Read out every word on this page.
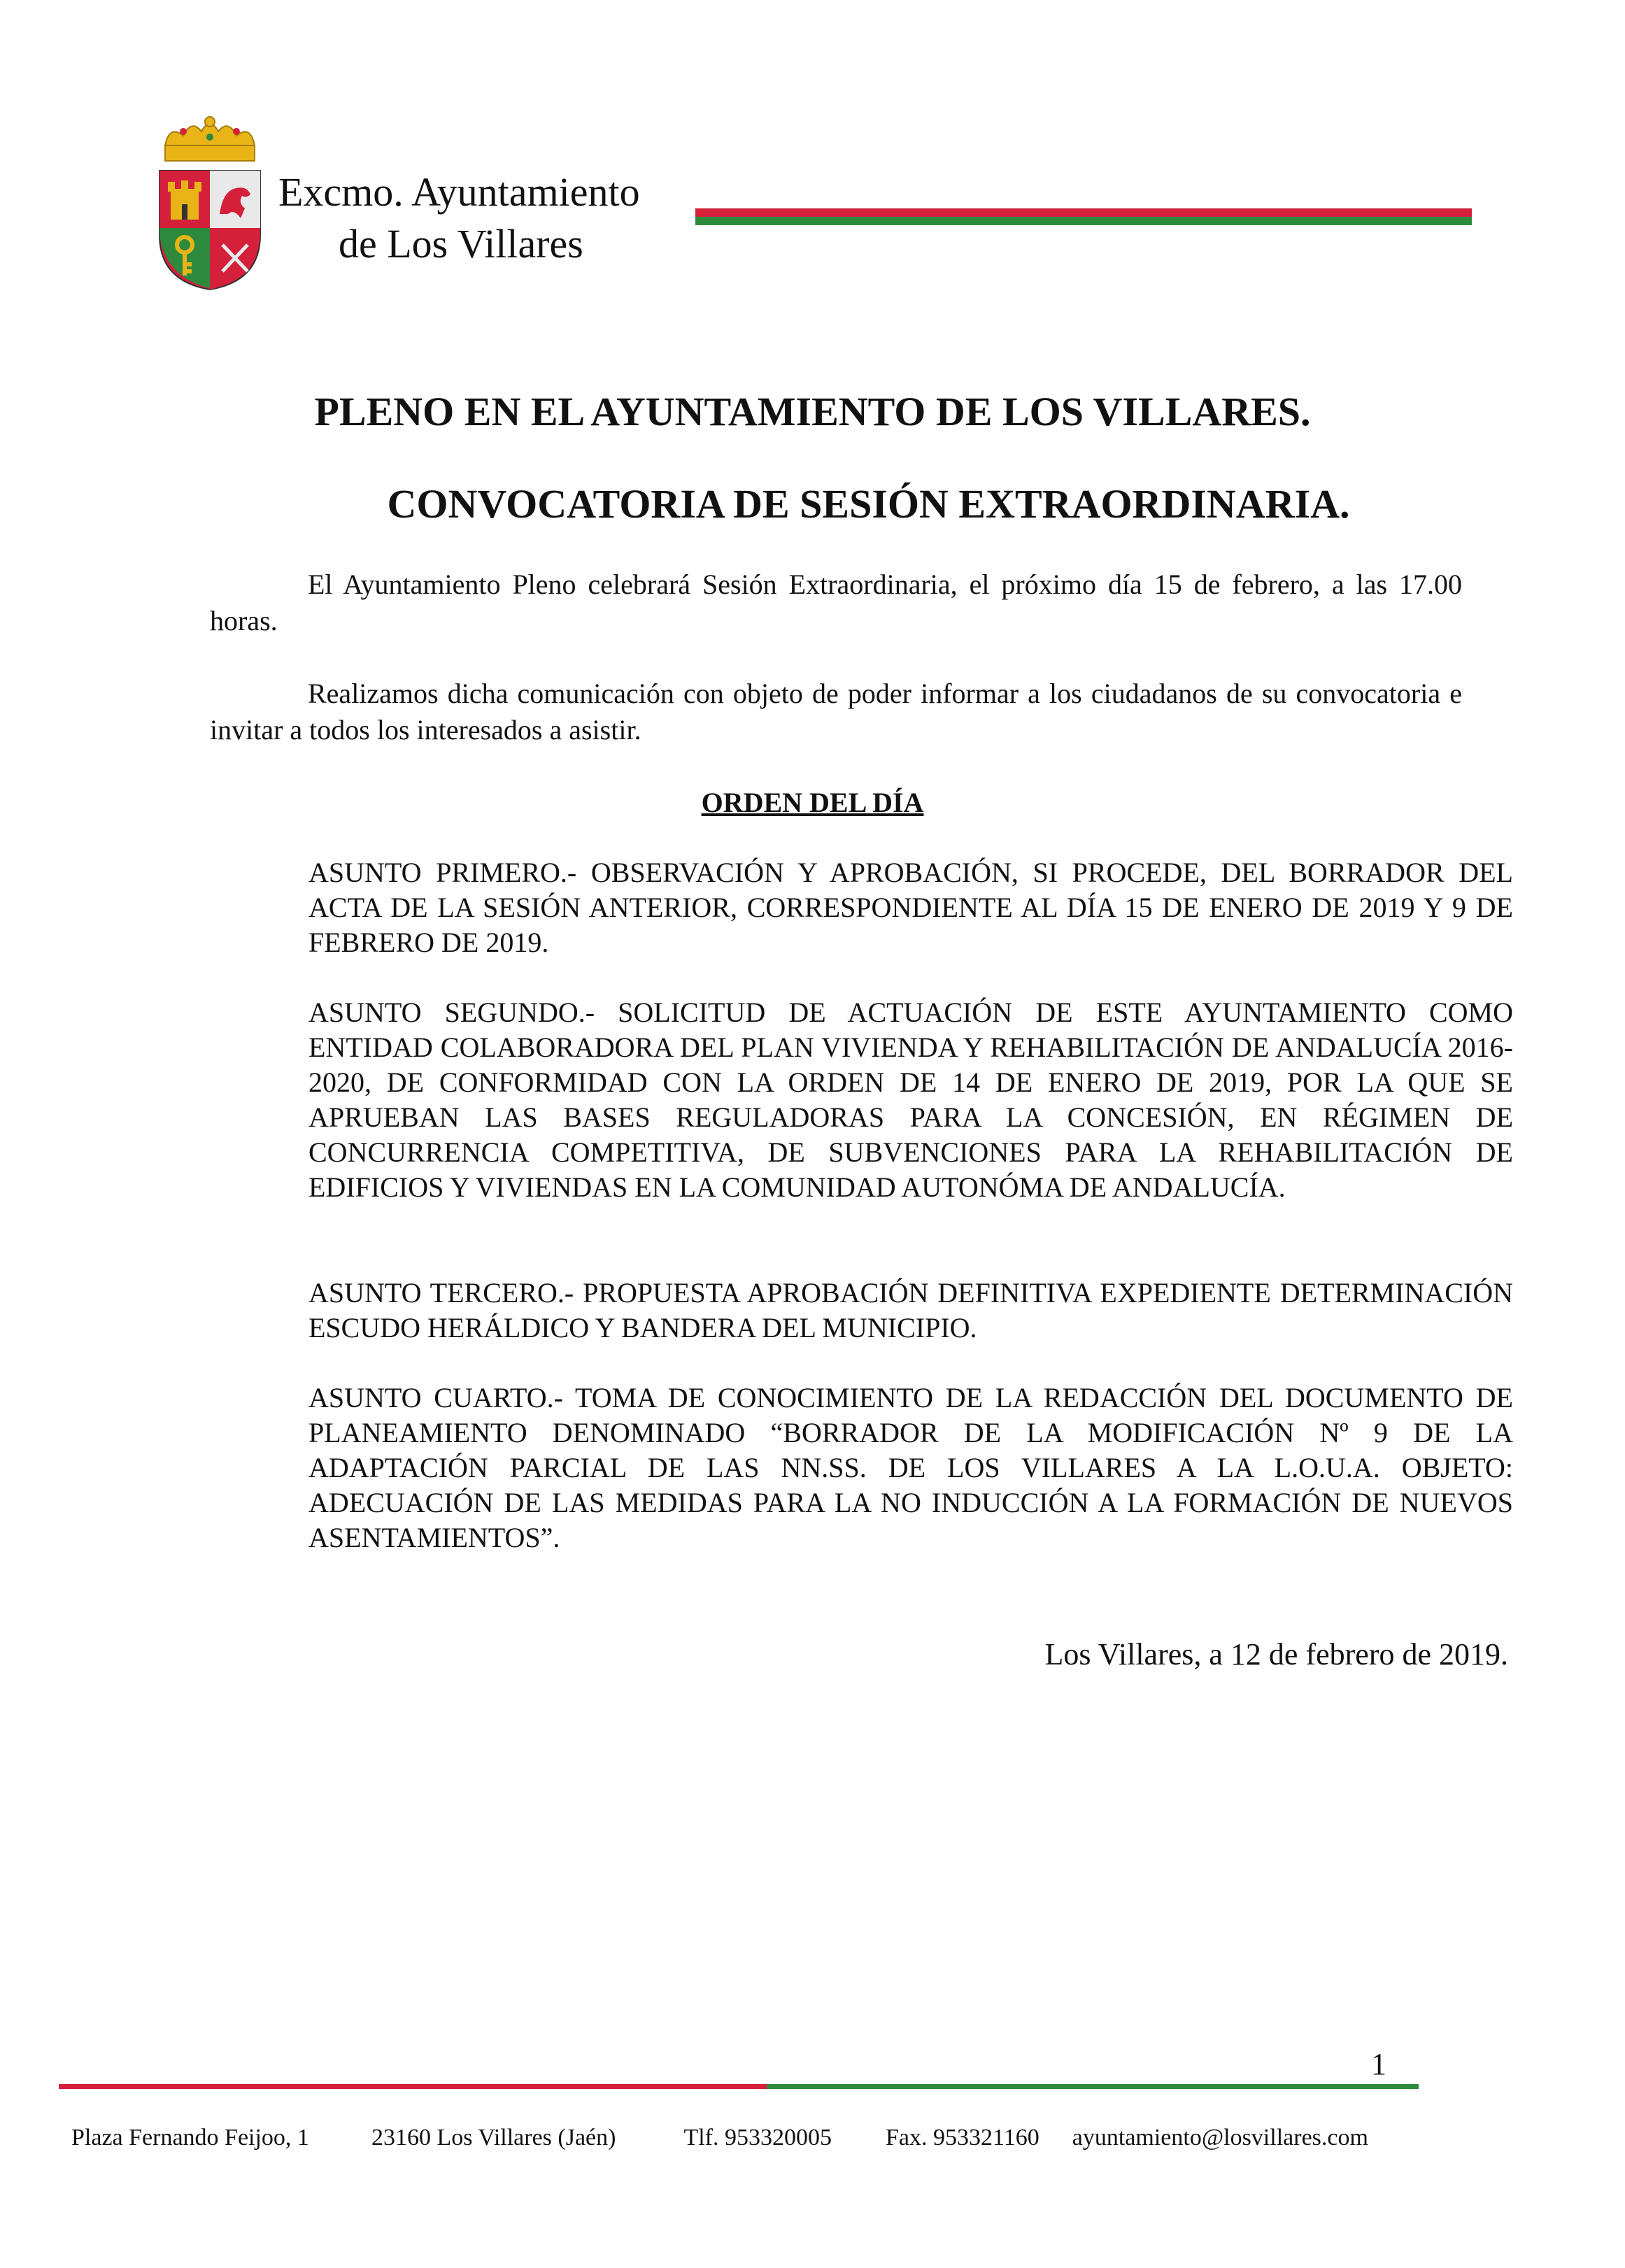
Excmo. Ayuntamiento
de Los Villares
PLENO EN EL AYUNTAMIENTO DE LOS VILLARES.
CONVOCATORIA DE SESIÓN EXTRAORDINARIA.
El Ayuntamiento Pleno celebrará Sesión Extraordinaria, el próximo día 15 de febrero, a las 17.00 horas.
Realizamos dicha comunicación con objeto de poder informar a los ciudadanos de su convocatoria e invitar a todos los interesados a asistir.
ORDEN DEL DÍA
ASUNTO PRIMERO.- OBSERVACIÓN Y APROBACIÓN, SI PROCEDE, DEL BORRADOR DEL ACTA DE LA SESIÓN ANTERIOR, CORRESPONDIENTE AL DÍA 15 DE ENERO DE 2019 Y 9 DE FEBRERO DE 2019.
ASUNTO SEGUNDO.- SOLICITUD DE ACTUACIÓN DE ESTE AYUNTAMIENTO COMO ENTIDAD COLABORADORA DEL PLAN VIVIENDA Y REHABILITACIÓN DE ANDALUCÍA 2016-2020, DE CONFORMIDAD CON LA ORDEN DE 14 DE ENERO DE 2019, POR LA QUE SE APRUEBAN LAS BASES REGULADORAS PARA LA CONCESIÓN, EN RÉGIMEN DE CONCURRENCIA COMPETITIVA, DE SUBVENCIONES PARA LA REHABILITACIÓN DE EDIFICIOS Y VIVIENDAS EN LA COMUNIDAD AUTONÓMA DE ANDALUCÍA.
ASUNTO TERCERO.- PROPUESTA APROBACIÓN DEFINITIVA EXPEDIENTE DETERMINACIÓN ESCUDO HERÁLDICO Y BANDERA DEL MUNICIPIO.
ASUNTO CUARTO.- TOMA DE CONOCIMIENTO DE LA REDACCIÓN DEL DOCUMENTO DE PLANEAMIENTO DENOMINADO “BORRADOR DE LA MODIFICACIÓN Nº 9 DE LA ADAPTACIÓN PARCIAL DE LAS NN.SS. DE LOS VILLARES A LA L.O.U.A. OBJETO: ADECUACIÓN DE LAS MEDIDAS PARA LA NO INDUCCIÓN A LA FORMACIÓN DE NUEVOS ASENTAMIENTOS”.
Los Villares, a 12 de febrero de 2019.
1
Plaza Fernando Feijoo, 1	23160 Los Villares (Jaén)	Tlf. 953320005 Fax. 953321160 ayuntamiento@losvillares.com
